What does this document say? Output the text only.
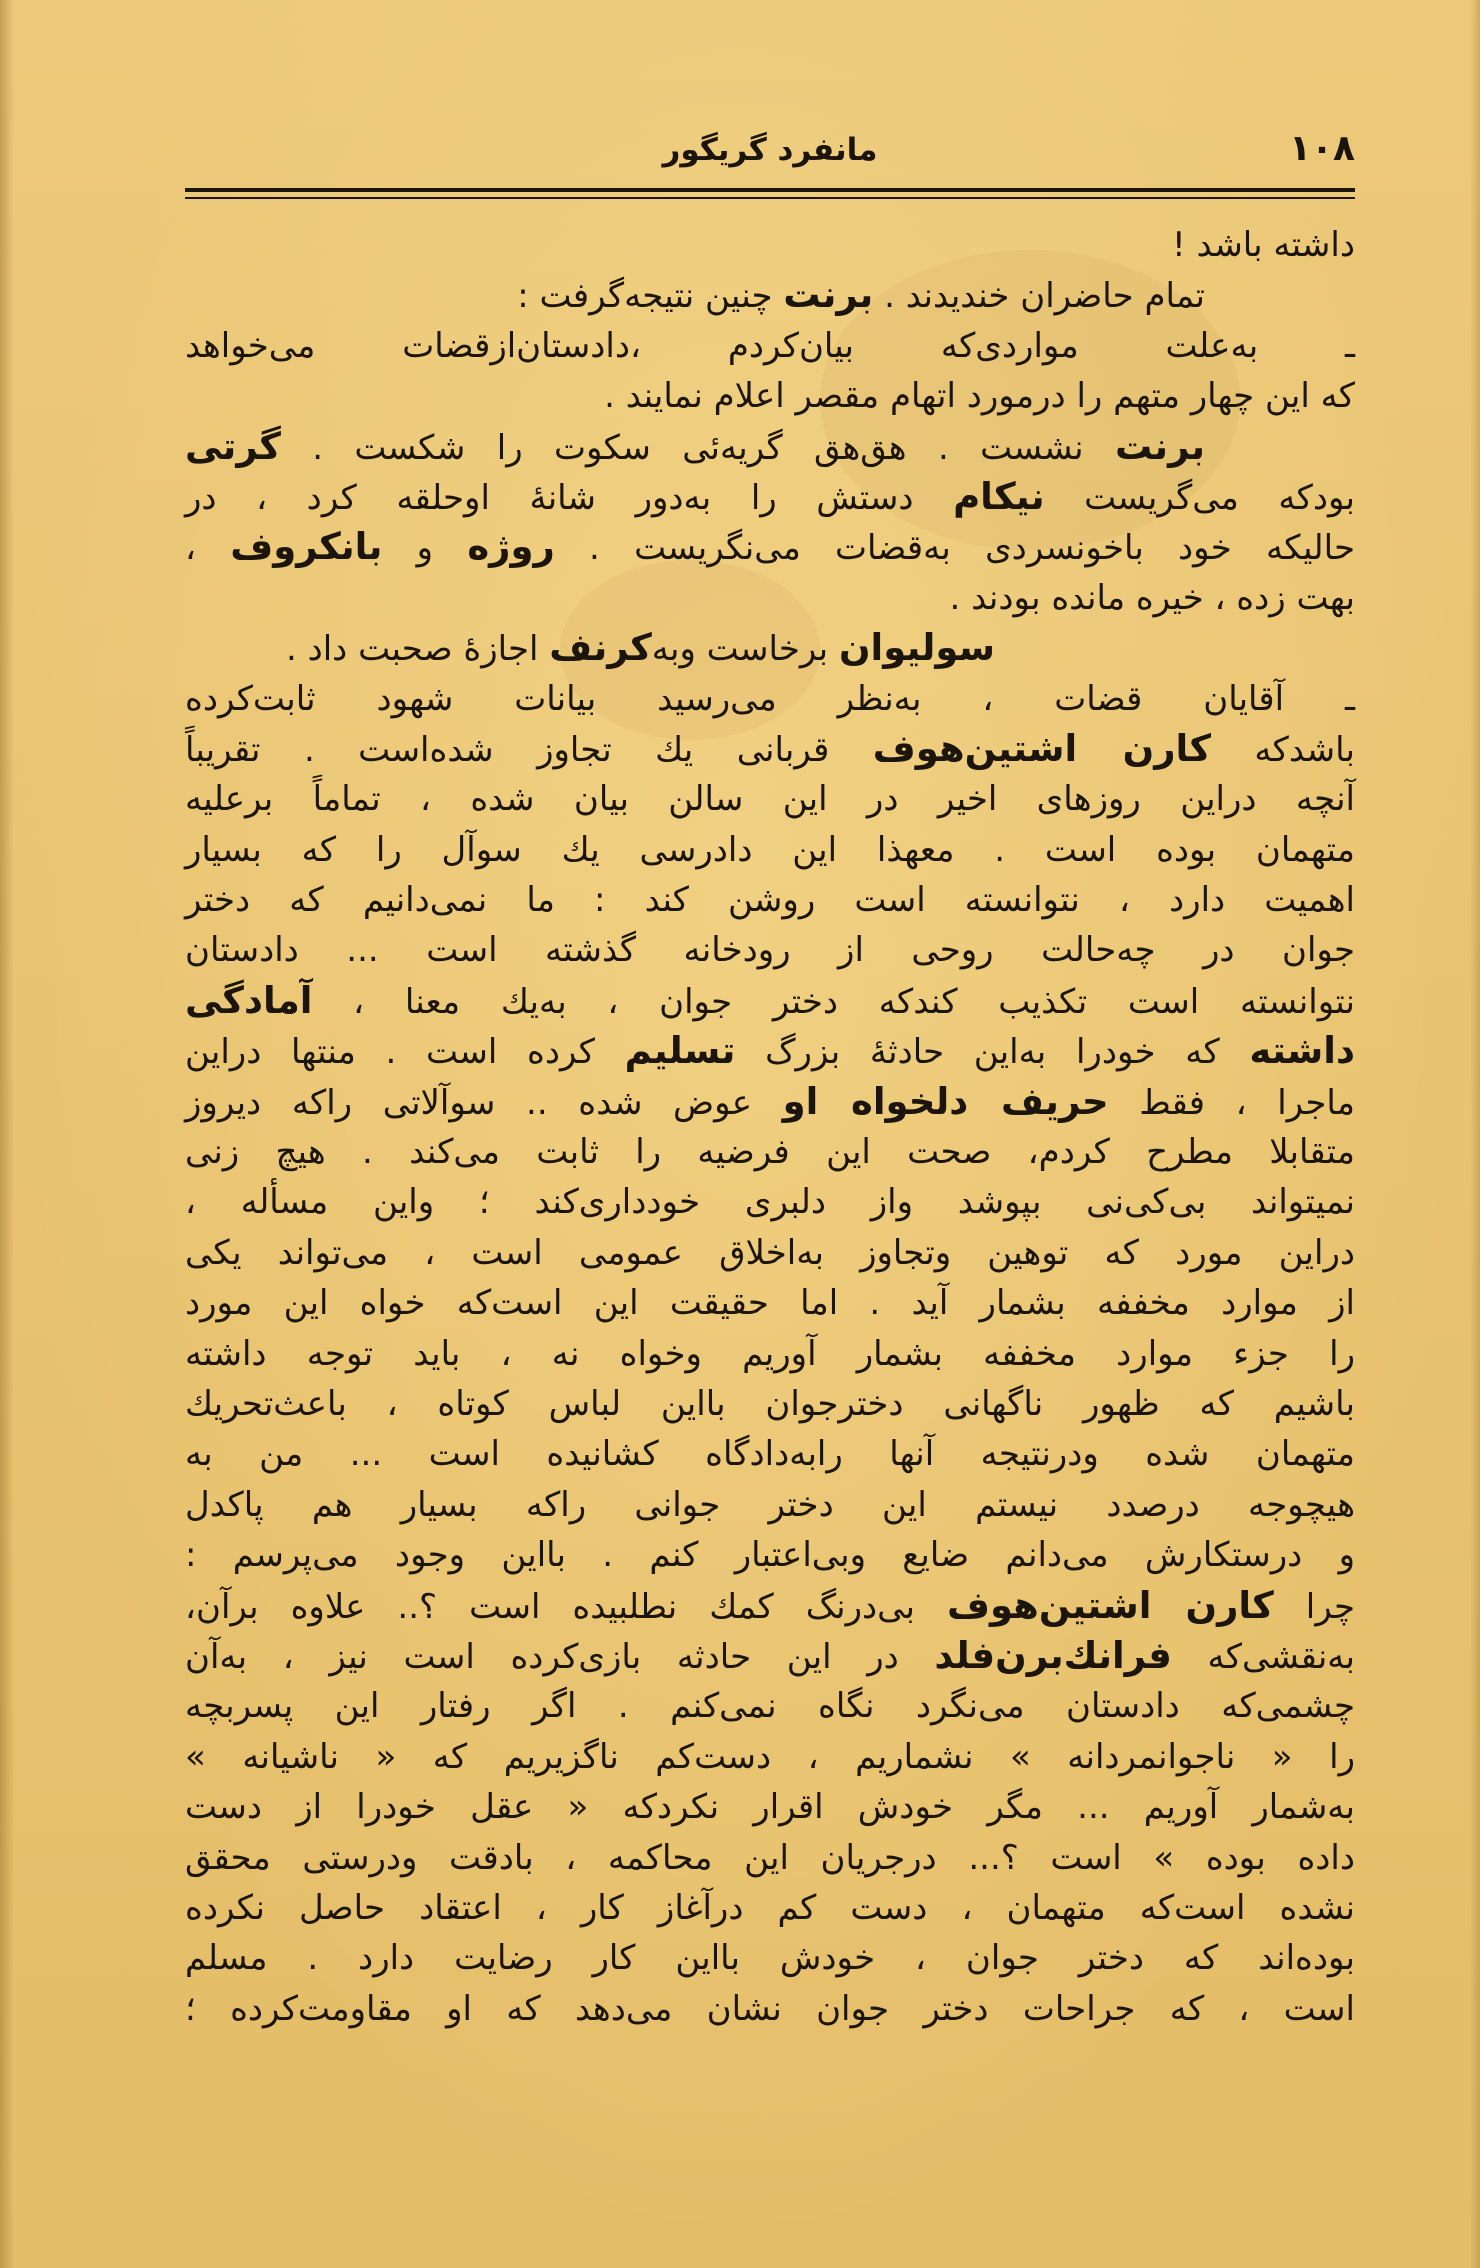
۱۰۸
مانفرد گریگور
داشته باشد !
تمام حاضران خندیدند . برنت چنین نتیجه‌گرفت :
ـ به‌علت مواردی‌که بیان‌کردم ،دادستان‌ازقضات می‌خواهد
که این چهار متهم را درمورد اتهام مقصر اعلام نمایند .
برنت نشست . هق‌هق گریه‌ئی سکوت را شکست . گرتی
بودکه می‌گریست نیکام دستش را به‌دور شانهٔ اوحلقه کرد ، در
حالیکه خود باخونسردی به‌قضات می‌نگریست . روژه و بانکروف ،
بهت زده ، خیره مانده بودند .
سولیوان برخاست وبه‌کرنف اجازهٔ صحبت داد .
ـ آقایان قضات ، به‌نظر می‌رسید بیانات شهود ثابت‌کرده
باشدکه کارن اشتین‌هوف قربانی یك تجاوز شده‌است . تقریباً
آنچه دراین روزهای اخیر در این سالن بیان شده ، تماماً برعلیه
متهمان بوده است . معهذا این دادرسی یك سوآل را که بسیار
اهمیت دارد ، نتوانسته است روشن کند : ما نمی‌دانیم که دختر
جوان در چه‌حالت روحی از رودخانه گذشته است ... دادستان
نتوانسته است تکذیب کندکه دختر جوان ، به‌یك معنا ، آمادگی
داشته که خودرا به‌این حادثهٔ بزرگ تسلیم کرده است . منتها دراین
ماجرا ، فقط حریف دلخواه او عوض شده .. سوآلاتی راکه دیروز
متقابلا مطرح کردم، صحت این فرضیه را ثابت می‌کند . هیچ زنی
نمیتواند بی‌کی‌نی بپوشد واز دلبری خودداری‌کند ؛ واین مسأله ،
دراین مورد که توهین وتجاوز به‌اخلاق عمومی است ، می‌تواند یکی
از موارد مخففه بشمار آید . اما حقیقت این است‌که خواه این مورد
را جزء موارد مخففه بشمار آوریم وخواه نه ، باید توجه داشته
باشیم که ظهور ناگهانی دخترجوان بااین لباس کوتاه ، باعث‌تحریك
متهمان شده ودرنتیجه آنها رابه‌دادگاه کشانیده است ... من به
هیچوجه درصدد نیستم این دختر جوانی راکه بسیار هم پاکدل
و درستکارش می‌دانم ضایع وبی‌اعتبار کنم . بااین وجود می‌پرسم :
چرا کارن اشتین‌هوف بی‌درنگ کمك نطلبیده است ؟.. علاوه برآن،
به‌نقشی‌که فرانك‌برن‌فلد در این حادثه بازی‌کرده است نیز ، به‌آن
چشمی‌که دادستان می‌نگرد نگاه نمی‌کنم . اگر رفتار این پسربچه
را « ناجوانمردانه » نشماریم ، دست‌کم ناگزیریم که « ناشیانه »
به‌شمار آوریم ... مگر خودش اقرار نکردکه « عقل خودرا از دست
داده بوده » است ؟... درجریان این محاکمه ، بادقت ودرستی محقق
نشده است‌که متهمان ، دست کم درآغاز کار ، اعتقاد حاصل نکرده
بوده‌اند که دختر جوان ، خودش بااین کار رضایت دارد . مسلم
است ، که جراحات دختر جوان نشان می‌دهد که او مقاومت‌کرده ؛
